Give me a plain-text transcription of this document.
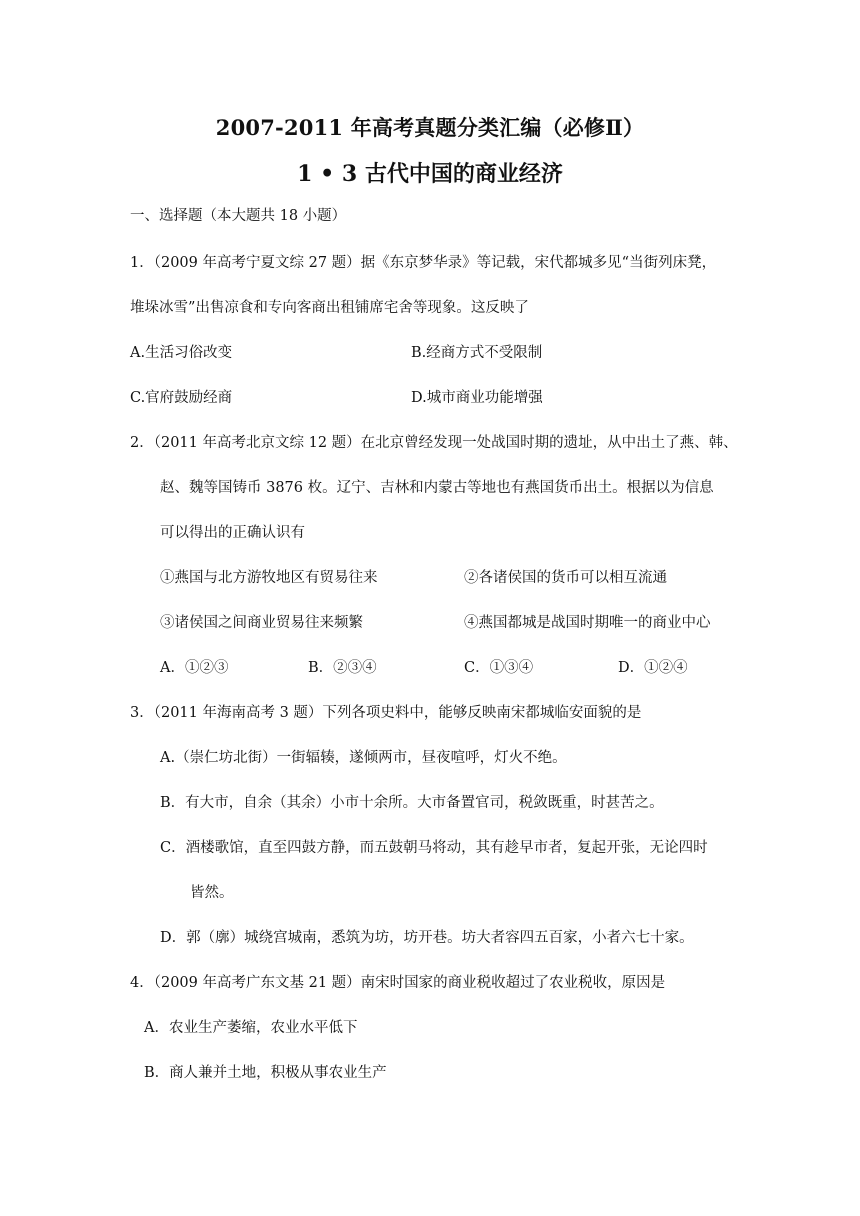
2007-2011 年高考真题分类汇编（必修Ⅱ）
1 • 3 古代中国的商业经济
一、选择题（本大题共 18 小题）
1．（2009 年高考宁夏文综 27 题）据《东京梦华录》等记载，宋代都城多见“当街列床凳，
堆垛冰雪”出售凉食和专向客商出租铺席宅舍等现象。这反映了
A.生活习俗改变	B.经商方式不受限制
C.官府鼓励经商	D.城市商业功能增强
2．（2011 年高考北京文综 12 题）在北京曾经发现一处战国时期的遗址，从中出土了燕、韩、
赵、魏等国铸币 3876 枚。辽宁、吉林和内蒙古等地也有燕国货币出土。根据以为信息
可以得出的正确认识有
①燕国与北方游牧地区有贸易往来	②各诸侯国的货币可以相互流通
③诸侯国之间商业贸易往来频繁	④燕国都城是战国时期唯一的商业中心
A．①②③	B．②③④	C．①③④	D．①②④
3．（2011 年海南高考 3 题）下列各项史料中，能够反映南宋都城临安面貌的是
A.（崇仁坊北街）一街辐辏，遂倾两市，昼夜喧呼，灯火不绝。
B．有大市，自余（其余）小市十余所。大市备置官司，税敛既重，时甚苦之。
C．酒楼歌馆，直至四鼓方静，而五鼓朝马将动，其有趁早市者，复起开张，无论四时
皆然。
D．郭（廓）城绕宫城南，悉筑为坊，坊开巷。坊大者容四五百家，小者六七十家。
4．（2009 年高考广东文基 21 题）南宋时国家的商业税收超过了农业税收，原因是
A．农业生产萎缩，农业水平低下
B．商人兼并土地，积极从事农业生产
